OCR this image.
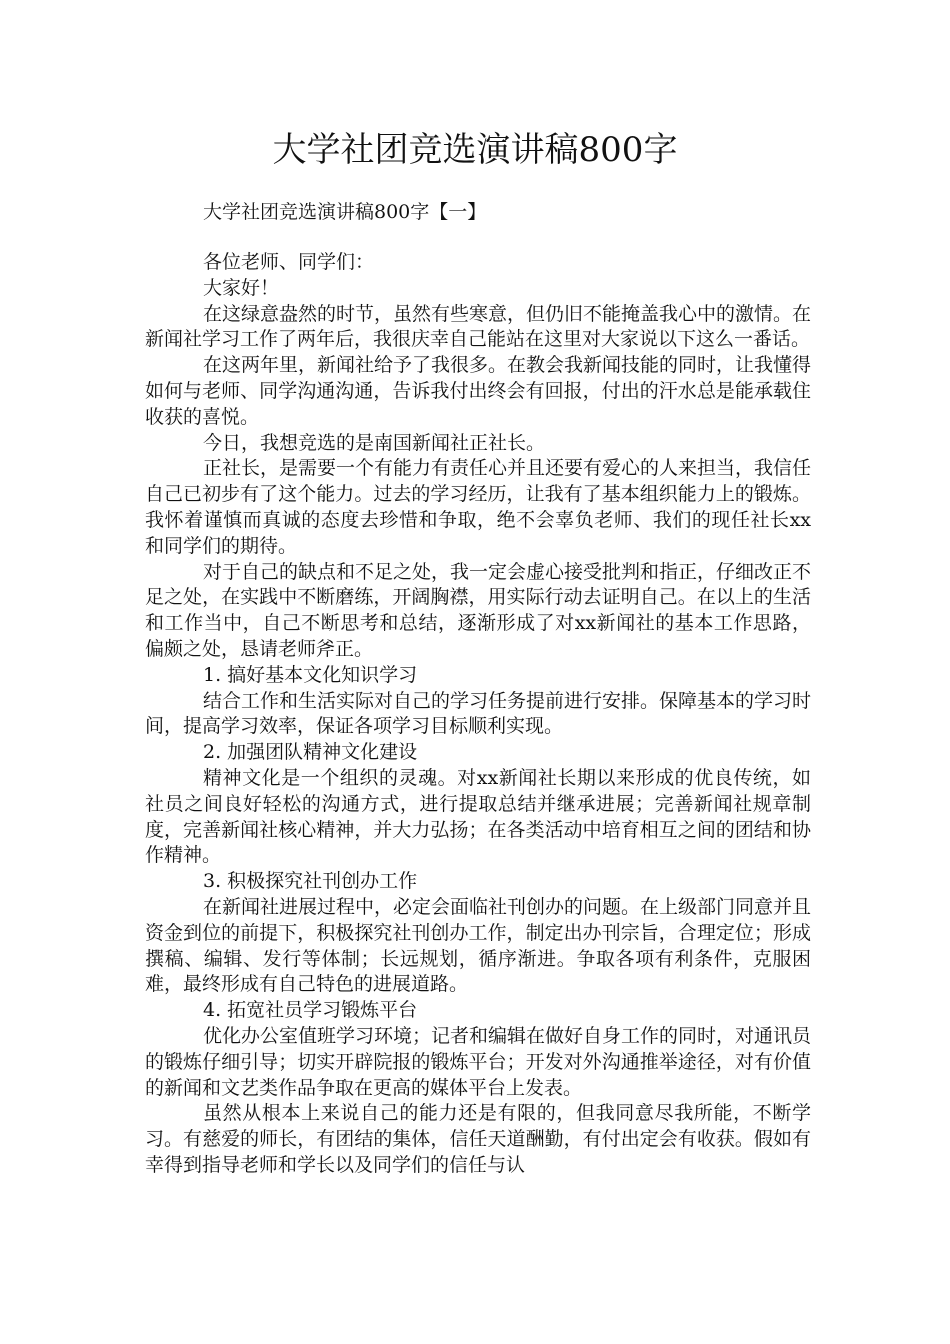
大学社团竞选演讲稿800字
大学社团竞选演讲稿800字【一】

各位老师、同学们：

大家好！

在这绿意盎然的时节，虽然有些寒意，但仍旧不能掩盖我心中的激情。在新闻社学习工作了两年后，我很庆幸自己能站在这里对大家说以下这么一番话。

在这两年里，新闻社给予了我很多。在教会我新闻技能的同时，让我懂得如何与老师、同学沟通沟通，告诉我付出终会有回报，付出的汗水总是能承载住收获的喜悦。

今日，我想竞选的是南国新闻社正社长。

正社长，是需要一个有能力有责任心并且还要有爱心的人来担当，我信任自己已初步有了这个能力。过去的学习经历，让我有了基本组织能力上的锻炼。我怀着谨慎而真诚的态度去珍惜和争取，绝不会辜负老师、我们的现任社长xx和同学们的期待。

对于自己的缺点和不足之处，我一定会虚心接受批判和指正，仔细改正不足之处，在实践中不断磨练，开阔胸襟，用实际行动去证明自己。在以上的生活和工作当中，自己不断思考和总结，逐渐形成了对xx新闻社的基本工作思路，偏颇之处，恳请老师斧正。

1. 搞好基本文化知识学习

结合工作和生活实际对自己的学习任务提前进行安排。保障基本的学习时间，提高学习效率，保证各项学习目标顺利实现。

2. 加强团队精神文化建设

精神文化是一个组织的灵魂。对xx新闻社长期以来形成的优良传统，如社员之间良好轻松的沟通方式，进行提取总结并继承进展；完善新闻社规章制度，完善新闻社核心精神，并大力弘扬；在各类活动中培育相互之间的团结和协作精神。

3. 积极探究社刊创办工作

在新闻社进展过程中，必定会面临社刊创办的问题。在上级部门同意并且资金到位的前提下，积极探究社刊创办工作，制定出办刊宗旨，合理定位；形成撰稿、编辑、发行等体制；长远规划，循序渐进。争取各项有利条件，克服困难，最终形成有自己特色的进展道路。

4. 拓宽社员学习锻炼平台

优化办公室值班学习环境；记者和编辑在做好自身工作的同时，对通讯员的锻炼仔细引导；切实开辟院报的锻炼平台；开发对外沟通推举途径，对有价值的新闻和文艺类作品争取在更高的媒体平台上发表。

虽然从根本上来说自己的能力还是有限的，但我同意尽我所能，不断学习。有慈爱的师长，有团结的集体，信任天道酬勤，有付出定会有收获。假如有幸得到指导老师和学长以及同学们的信任与认
